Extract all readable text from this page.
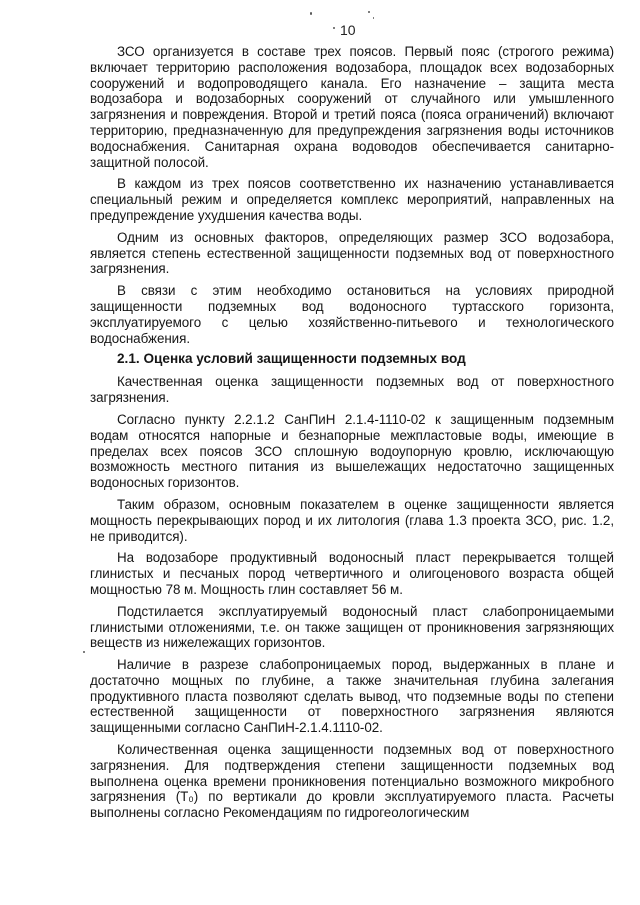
10

ЗСО организуется в составе трех поясов. Первый пояс (строгого режима) включает территорию расположения водозабора, площадок всех водозаборных сооружений и водопроводящего канала. Его назначение – защита места водозабора и водозаборных сооружений от случайного или умышленного загрязнения и повреждения. Второй и третий пояса (пояса ограничений) включают территорию, предназначенную для предупреждения загрязнения воды источников водоснабжения. Санитарная охрана водоводов обеспечивается санитарно-защитной полосой.

В каждом из трех поясов соответственно их назначению устанавливается специальный режим и определяется комплекс мероприятий, направленных на предупреждение ухудшения качества воды.

Одним из основных факторов, определяющих размер ЗСО водозабора, является степень естественной защищенности подземных вод от поверхностного загрязнения.

В связи с этим необходимо остановиться на условиях природной защищенности подземных вод водоносного туртасского горизонта, эксплуатируемого с целью хозяйственно-питьевого и технологического водоснабжения.

2.1. Оценка условий защищенности подземных вод

Качественная оценка защищенности подземных вод от поверхностного загрязнения.

Согласно пункту 2.2.1.2 СанПиН 2.1.4-1110-02 к защищенным подземным водам относятся напорные и безнапорные межпластовые воды, имеющие в пределах всех поясов ЗСО сплошную водоупорную кровлю, исключающую возможность местного питания из вышележащих недостаточно защищенных водоносных горизонтов.

Таким образом, основным показателем в оценке защищенности является мощность перекрывающих пород и их литология (глава 1.3 проекта ЗСО, рис. 1.2, не приводится).

На водозаборе продуктивный водоносный пласт перекрывается толщей глинистых и песчаных пород четвертичного и олигоценового возраста общей мощностью 78 м. Мощность глин составляет 56 м.

Подстилается эксплуатируемый водоносный пласт слабопроницаемыми глинистыми отложениями, т.е. он также защищен от проникновения загрязняющих веществ из нижележащих горизонтов.

Наличие в разрезе слабопроницаемых пород, выдержанных в плане и достаточно мощных по глубине, а также значительная глубина залегания продуктивного пласта позволяют сделать вывод, что подземные воды по степени естественной защищенности от поверхностного загрязнения являются защищенными согласно СанПиН-2.1.4.1110-02.

Количественная оценка защищенности подземных вод от поверхностного загрязнения. Для подтверждения степени защищенности подземных вод выполнена оценка времени проникновения потенциально возможного микробного загрязнения (Т₀) по вертикали до кровли эксплуатируемого пласта. Расчеты выполнены согласно Рекомендациям по гидрогеологическим
